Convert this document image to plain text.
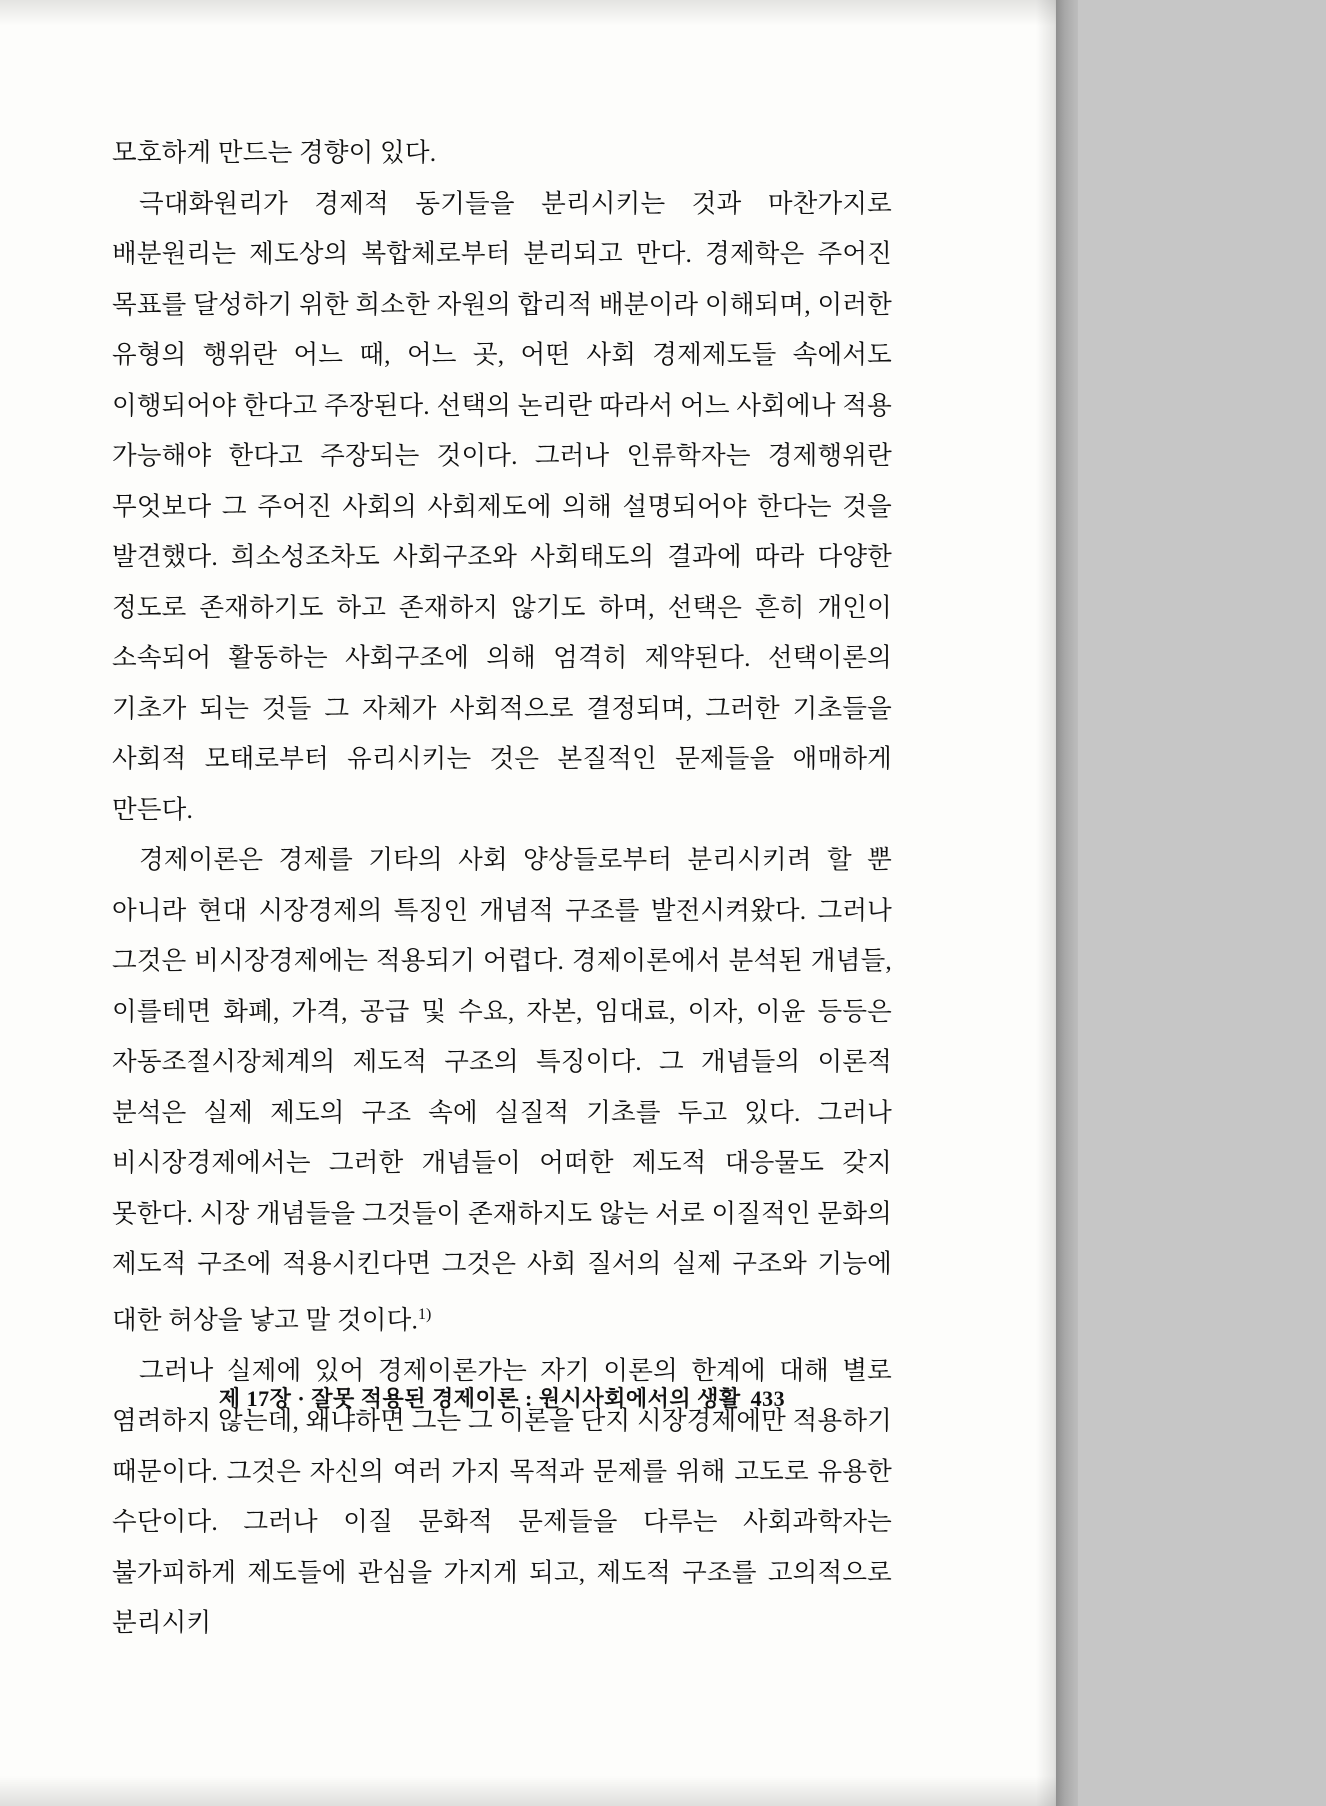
모호하게 만드는 경향이 있다.

극대화원리가 경제적 동기들을 분리시키는 것과 마찬가지로 배분원리는 제도상의 복합체로부터 분리되고 만다. 경제학은 주어진 목표를 달성하기 위한 희소한 자원의 합리적 배분이라 이해되며, 이러한 유형의 행위란 어느 때, 어느 곳, 어떤 사회 경제제도들 속에서도 이행되어야 한다고 주장된다. 선택의 논리란 따라서 어느 사회에나 적용 가능해야 한다고 주장되는 것이다. 그러나 인류학자는 경제행위란 무엇보다 그 주어진 사회의 사회제도에 의해 설명되어야 한다는 것을 발견했다. 희소성조차도 사회구조와 사회태도의 결과에 따라 다양한 정도로 존재하기도 하고 존재하지 않기도 하며, 선택은 흔히 개인이 소속되어 활동하는 사회구조에 의해 엄격히 제약된다. 선택이론의 기초가 되는 것들 그 자체가 사회적으로 결정되며, 그러한 기초들을 사회적 모태로부터 유리시키는 것은 본질적인 문제들을 애매하게 만든다.

경제이론은 경제를 기타의 사회 양상들로부터 분리시키려 할 뿐 아니라 현대 시장경제의 특징인 개념적 구조를 발전시켜왔다. 그러나 그것은 비시장경제에는 적용되기 어렵다. 경제이론에서 분석된 개념들, 이를테면 화폐, 가격, 공급 및 수요, 자본, 임대료, 이자, 이윤 등등은 자동조절시장체계의 제도적 구조의 특징이다. 그 개념들의 이론적 분석은 실제 제도의 구조 속에 실질적 기초를 두고 있다. 그러나 비시장경제에서는 그러한 개념들이 어떠한 제도적 대응물도 갖지 못한다. 시장 개념들을 그것들이 존재하지도 않는 서로 이질적인 문화의 제도적 구조에 적용시킨다면 그것은 사회 질서의 실제 구조와 기능에 대한 허상을 낳고 말 것이다.$^{1)}$

그러나 실제에 있어 경제이론가는 자기 이론의 한계에 대해 별로 염려하지 않는데, 왜냐하면 그는 그 이론을 단지 시장경제에만 적용하기 때문이다. 그것은 자신의 여러 가지 목적과 문제를 위해 고도로 유용한 수단이다. 그러나 이질 문화적 문제들을 다루는 사회과학자는 불가피하게 제도들에 관심을 가지게 되고, 제도적 구조를 고의적으로 분리시키

제 17장 · 잘못 적용된 경제이론 : 원시사회에서의 생활 433
